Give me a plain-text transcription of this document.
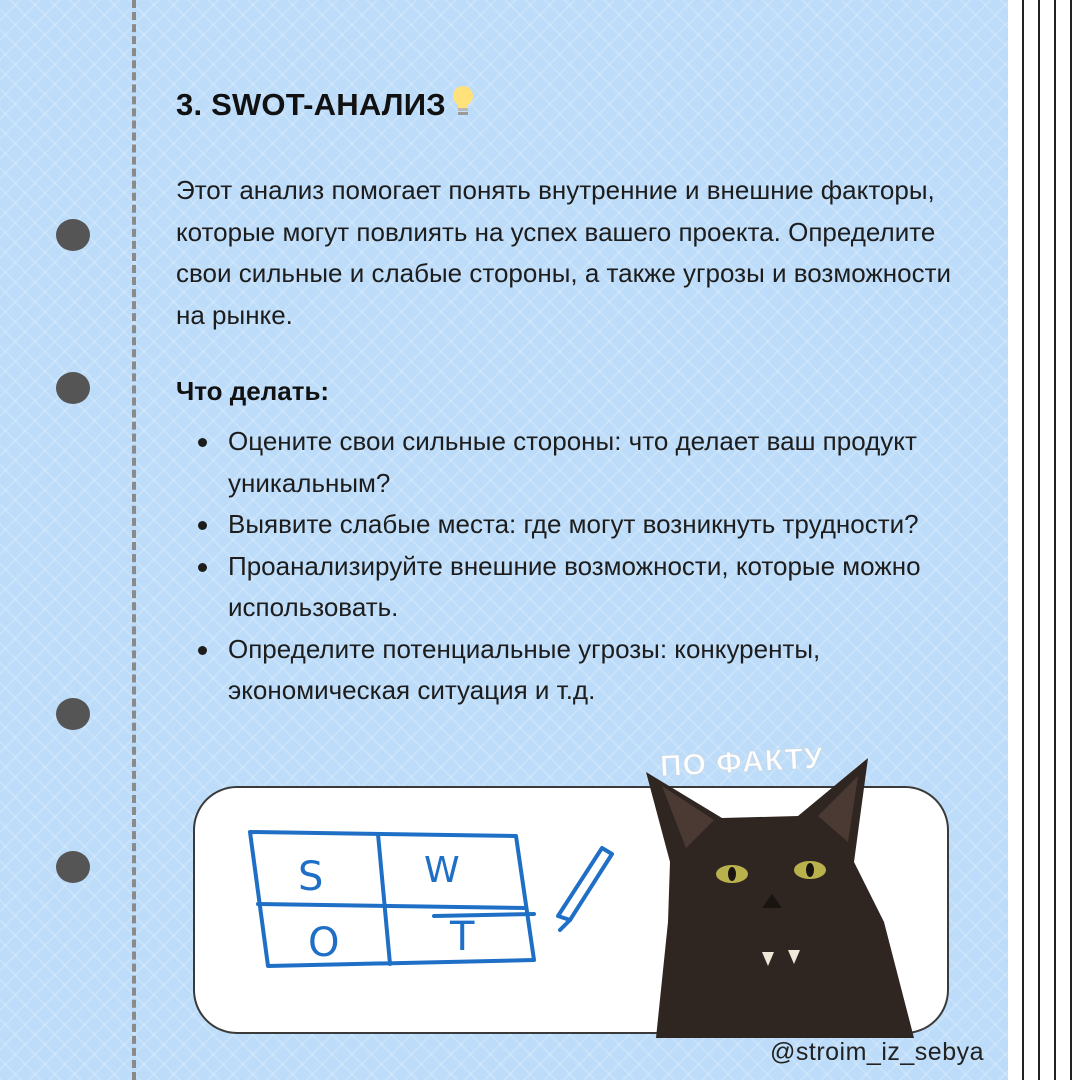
3. SWOT-АНАЛИЗ

Этот анализ помогает понять внутренние и внешние факторы, которые могут повлиять на успех вашего проекта. Определите свои сильные и слабые стороны, а также угрозы и возможности на рынке.

Что делать:

Оцените свои сильные стороны: что делает ваш продукт уникальным?
Выявите слабые места: где могут возникнуть трудности?
Проанализируйте внешние возможности, которые можно использовать.
Определите потенциальные угрозы: конкуренты, экономическая ситуация и т.д.
S	W
O	T
ПО ФАКТУ
@stroim_iz_sebya
